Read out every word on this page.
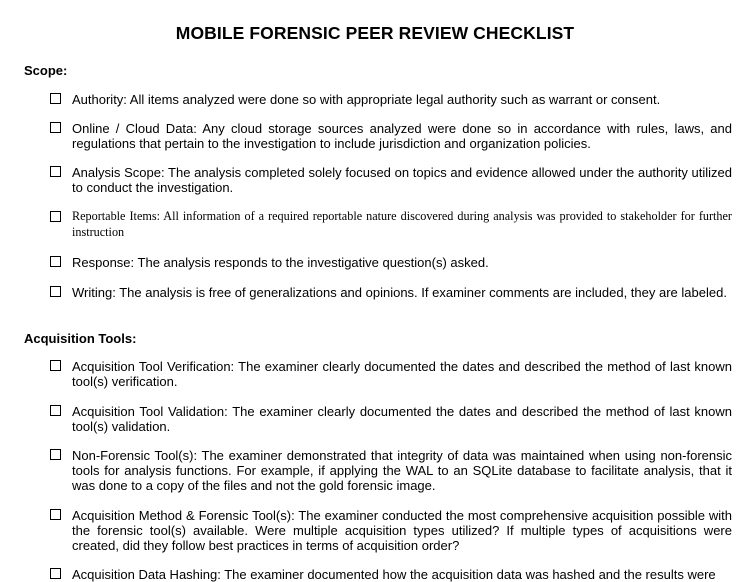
MOBILE FORENSIC PEER REVIEW CHECKLIST
Scope:
Authority: All items analyzed were done so with appropriate legal authority such as warrant or consent.
Online / Cloud Data: Any cloud storage sources analyzed were done so in accordance with rules, laws, and regulations that pertain to the investigation to include jurisdiction and organization policies.
Analysis Scope: The analysis completed solely focused on topics and evidence allowed under the authority utilized to conduct the investigation.
Reportable Items: All information of a required reportable nature discovered during analysis was provided to stakeholder for further instruction
Response: The analysis responds to the investigative question(s) asked.
Writing: The analysis is free of generalizations and opinions. If examiner comments are included, they are labeled.
Acquisition Tools:
Acquisition Tool Verification: The examiner clearly documented the dates and described the method of last known tool(s) verification.
Acquisition Tool Validation: The examiner clearly documented the dates and described the method of last known tool(s) validation.
Non-Forensic Tool(s): The examiner demonstrated that integrity of data was maintained when using non-forensic tools for analysis functions. For example, if applying the WAL to an SQLite database to facilitate analysis, that it was done to a copy of the files and not the gold forensic image.
Acquisition Method & Forensic Tool(s): The examiner conducted the most comprehensive acquisition possible with the forensic tool(s) available. Were multiple acquisition types utilized? If multiple types of acquisitions were created, did they follow best practices in terms of acquisition order?
Acquisition Data Hashing: The examiner documented how the acquisition data was hashed and the results were
